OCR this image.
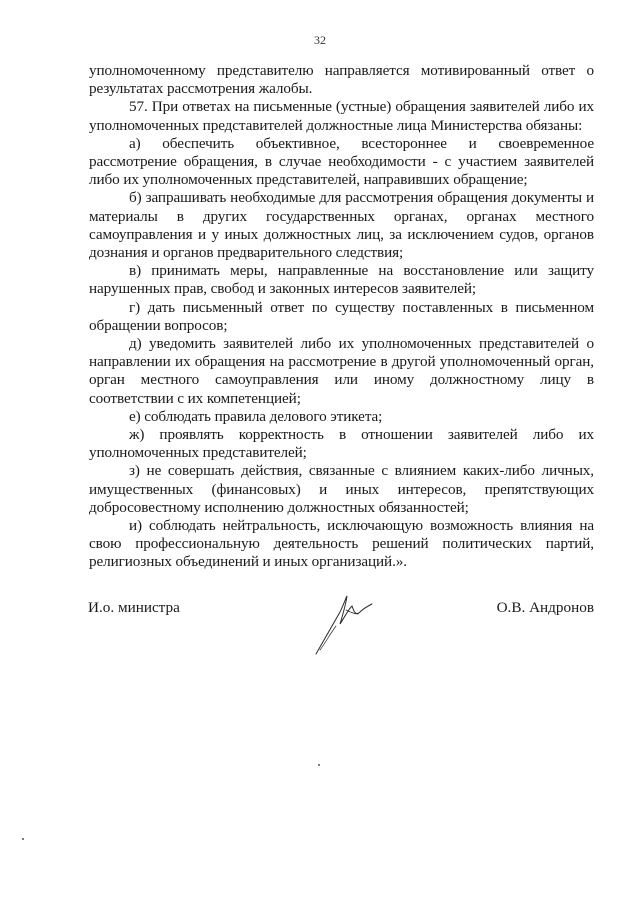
32

уполномоченному представителю направляется мотивированный ответ о результатах рассмотрения жалобы.

57. При ответах на письменные (устные) обращения заявителей либо их уполномоченных представителей должностные лица Министерства обязаны:

а) обеспечить объективное, всестороннее и своевременное рассмотрение обращения, в случае необходимости - с участием заявителей либо их уполномоченных представителей, направивших обращение;

б) запрашивать необходимые для рассмотрения обращения документы и материалы в других государственных органах, органах местного самоуправления и у иных должностных лиц, за исключением судов, органов дознания и органов предварительного следствия;

в) принимать меры, направленные на восстановление или защиту нарушенных прав, свобод и законных интересов заявителей;

г) дать письменный ответ по существу поставленных в письменном обращении вопросов;

д) уведомить заявителей либо их уполномоченных представителей о направлении их обращения на рассмотрение в другой уполномоченный орган, орган местного самоуправления или иному должностному лицу в соответствии с их компетенцией;

е) соблюдать правила делового этикета;

ж) проявлять корректность в отношении заявителей либо их уполномоченных представителей;

з) не совершать действия, связанные с влиянием каких-либо личных, имущественных (финансовых) и иных интересов, препятствующих добросовестному исполнению должностных обязанностей;

и) соблюдать нейтральность, исключающую возможность влияния на свою профессиональную деятельность решений политических партий, религиозных объединений и иных организаций.».

И.о. министра	О.В. Андронов
